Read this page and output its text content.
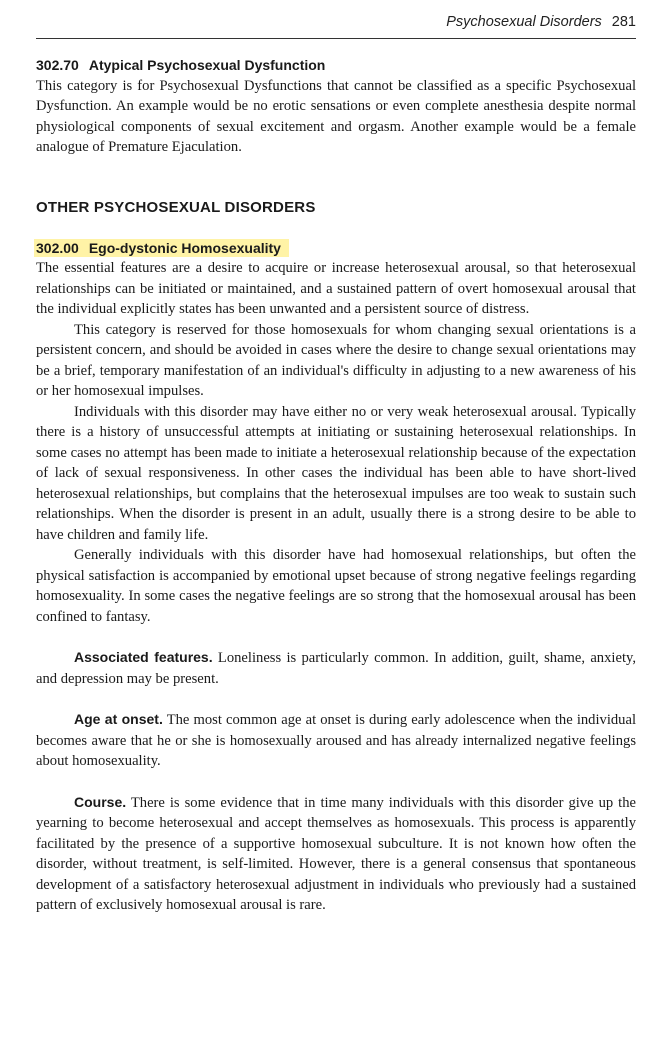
Psychosexual Disorders 281
302.70 Atypical Psychosexual Dysfunction

This category is for Psychosexual Dysfunctions that cannot be classified as a specific Psychosexual Dysfunction. An example would be no erotic sensations or even complete anesthesia despite normal physiological components of sexual excitement and orgasm. Another example would be a female analogue of Premature Ejaculation.

OTHER PSYCHOSEXUAL DISORDERS
302.00 Ego-dystonic Homosexuality

The essential features are a desire to acquire or increase heterosexual arousal, so that heterosexual relationships can be initiated or maintained, and a sustained pattern of overt homosexual arousal that the individual explicitly states has been unwanted and a persistent source of distress.

This category is reserved for those homosexuals for whom changing sexual orientations is a persistent concern, and should be avoided in cases where the desire to change sexual orientations may be a brief, temporary manifestation of an individual's difficulty in adjusting to a new awareness of his or her homosexual impulses.

Individuals with this disorder may have either no or very weak heterosexual arousal. Typically there is a history of unsuccessful attempts at initiating or sustaining heterosexual relationships. In some cases no attempt has been made to initiate a heterosexual relationship because of the expectation of lack of sexual responsiveness. In other cases the individual has been able to have short-lived heterosexual relationships, but complains that the heterosexual impulses are too weak to sustain such relationships. When the disorder is present in an adult, usually there is a strong desire to be able to have children and family life.

Generally individuals with this disorder have had homosexual relationships, but often the physical satisfaction is accompanied by emotional upset because of strong negative feelings regarding homosexuality. In some cases the negative feelings are so strong that the homosexual arousal has been confined to fantasy.

Associated features. Loneliness is particularly common. In addition, guilt, shame, anxiety, and depression may be present.

Age at onset. The most common age at onset is during early adolescence when the individual becomes aware that he or she is homosexually aroused and has already internalized negative feelings about homosexuality.

Course. There is some evidence that in time many individuals with this disorder give up the yearning to become heterosexual and accept themselves as homosexuals. This process is apparently facilitated by the presence of a supportive homosexual subculture. It is not known how often the disorder, without treatment, is self-limited. However, there is a general consensus that spontaneous development of a satisfactory heterosexual adjustment in individuals who previously had a sustained pattern of exclusively homosexual arousal is rare.
